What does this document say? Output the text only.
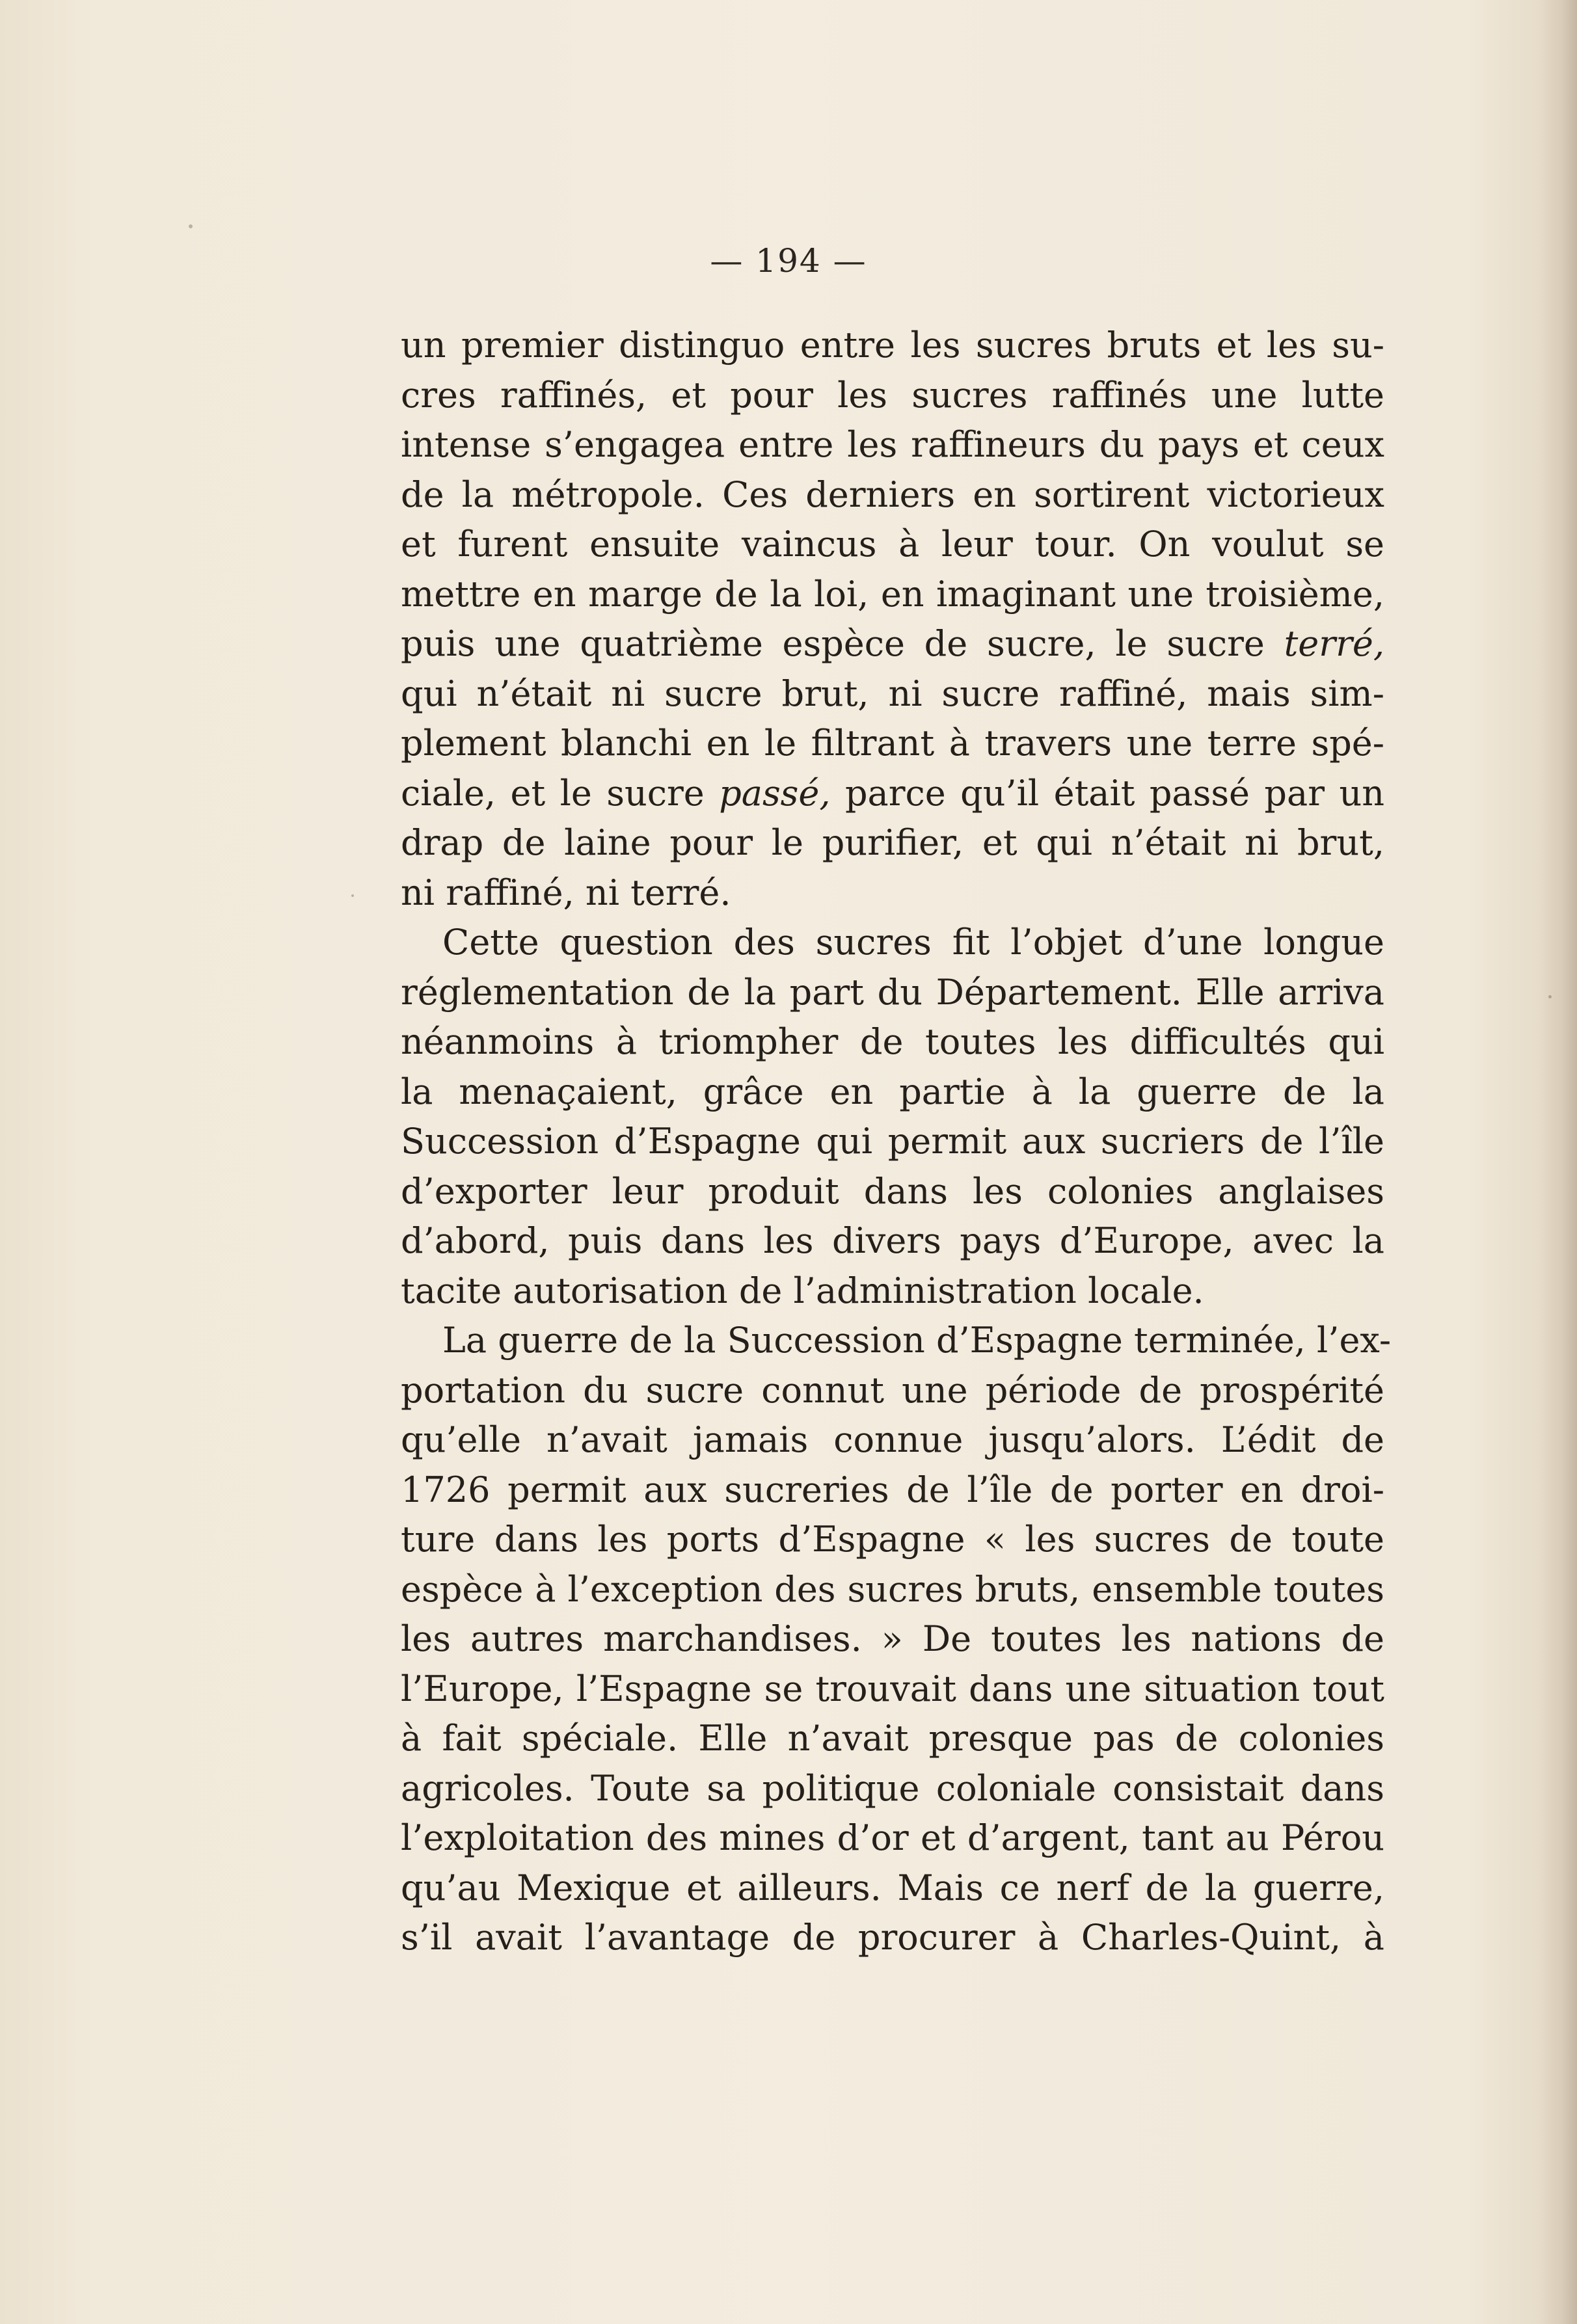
— 194 —
un premier distinguo entre les sucres bruts et les su-
cres raffinés, et pour les sucres raffinés une lutte
intense s’engagea entre les raffineurs du pays et ceux
de la métropole. Ces derniers en sortirent victorieux
et furent ensuite vaincus à leur tour. On voulut se
mettre en marge de la loi, en imaginant une troisième,
puis une quatrième espèce de sucre, le sucre terré,
qui n’était ni sucre brut, ni sucre raffiné, mais sim-
plement blanchi en le filtrant à travers une terre spé-
ciale, et le sucre passé, parce qu’il était passé par un
drap de laine pour le purifier, et qui n’était ni brut,
ni raffiné, ni terré.
Cette question des sucres fit l’objet d’une longue
réglementation de la part du Département. Elle arriva
néanmoins à triompher de toutes les difficultés qui
la menaçaient, grâce en partie à la guerre de la
Succession d’Espagne qui permit aux sucriers de l’île
d’exporter leur produit dans les colonies anglaises
d’abord, puis dans les divers pays d’Europe, avec la
tacite autorisation de l’administration locale.
La guerre de la Succession d’Espagne terminée, l’ex-
portation du sucre connut une période de prospérité
qu’elle n’avait jamais connue jusqu’alors. L’édit de
1726 permit aux sucreries de l’île de porter en droi-
ture dans les ports d’Espagne « les sucres de toute
espèce à l’exception des sucres bruts, ensemble toutes
les autres marchandises. » De toutes les nations de
l’Europe, l’Espagne se trouvait dans une situation tout
à fait spéciale. Elle n’avait presque pas de colonies
agricoles. Toute sa politique coloniale consistait dans
l’exploitation des mines d’or et d’argent, tant au Pérou
qu’au Mexique et ailleurs. Mais ce nerf de la guerre,
s’il avait l’avantage de procurer à Charles-Quint, à
